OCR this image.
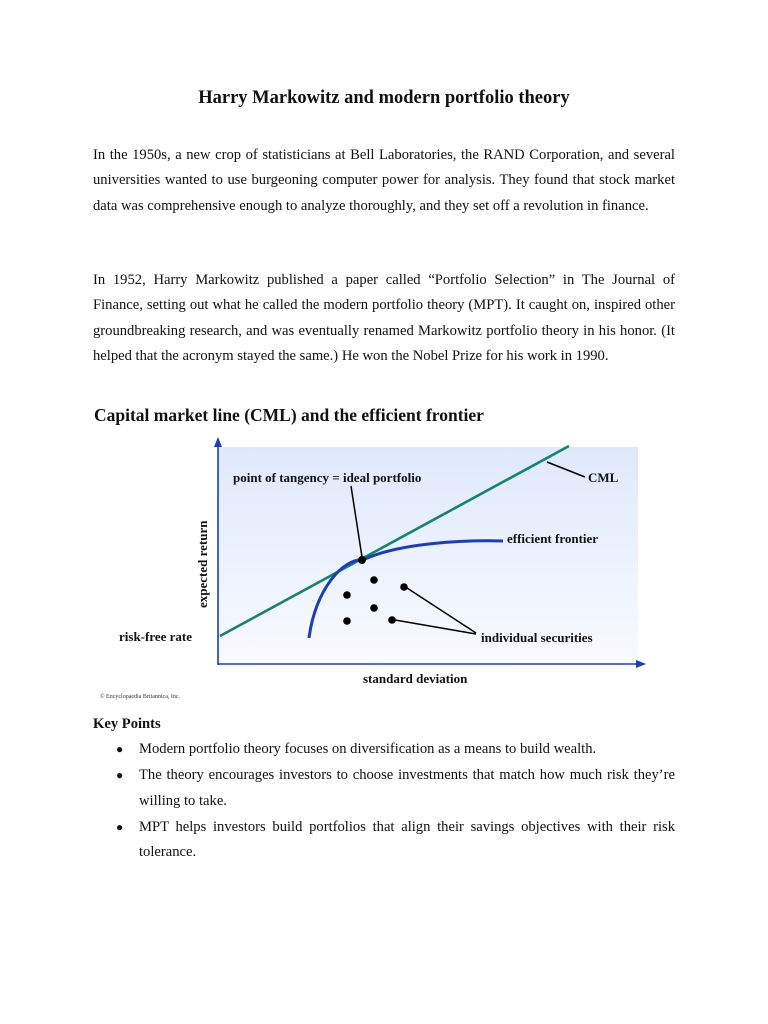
Harry Markowitz and modern portfolio theory

In the 1950s, a new crop of statisticians at Bell Laboratories, the RAND Corporation, and several universities wanted to use burgeoning computer power for analysis. They found that stock market data was comprehensive enough to analyze thoroughly, and they set off a revolution in finance.

In 1952, Harry Markowitz published a paper called “Portfolio Selection” in The Journal of Finance, setting out what he called the modern portfolio theory (MPT). It caught on, inspired other groundbreaking research, and was eventually renamed Markowitz portfolio theory in his honor. (It helped that the acronym stayed the same.) He won the Nobel Prize for his work in 1990.

Capital market line (CML) and the efficient frontier
point of tangency = ideal portfolio	CML
efficient frontier
individual securities
risk-free rate
standard deviation
expected return
© Encyclopaedia Britannica, Inc.

Key Points

● Modern portfolio theory focuses on diversification as a means to build wealth.
● The theory encourages investors to choose investments that match how much risk they’re willing to take.
● MPT helps investors build portfolios that align their savings objectives with their risk tolerance.
